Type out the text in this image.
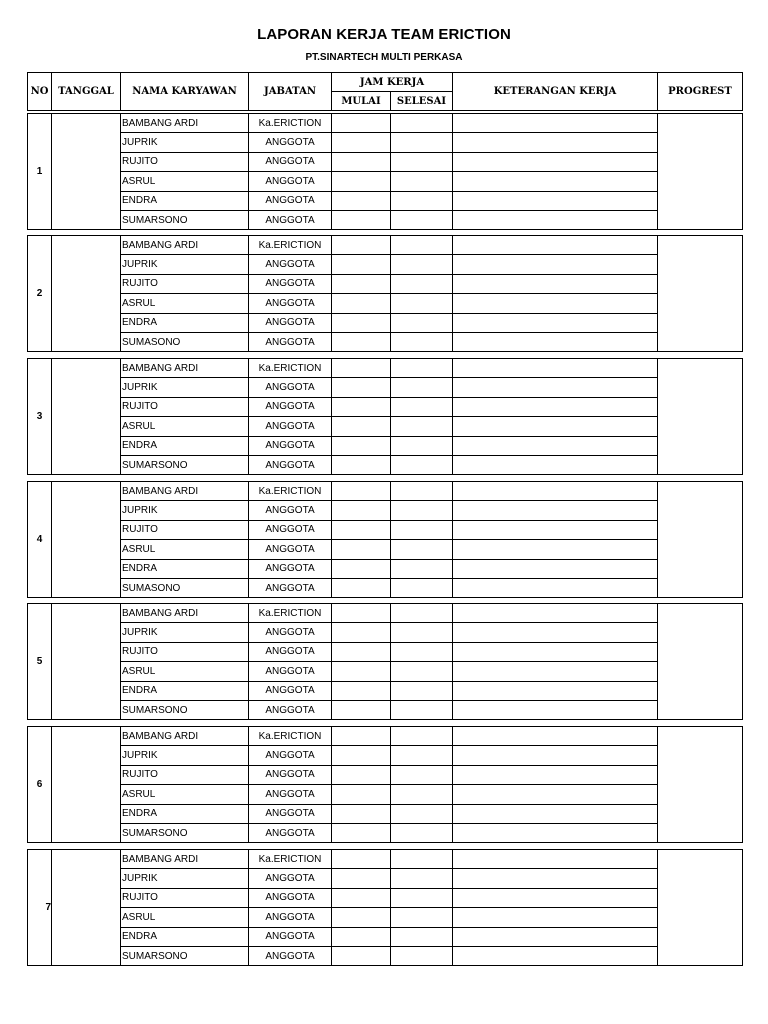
LAPORAN KERJA TEAM ERICTION
PT.SINARTECH MULTI PERKASA
NO	TANGGAL	NAMA KARYAWAN	JABATAN	JAM KERJA		KETERANGAN KERJA	PROGREST
				MULAI	SELESAI		
1		BAMBANG ARDI	Ka.ERICTION				
		JUPRIK	ANGGOTA				
		RUJITO	ANGGOTA				
		ASRUL	ANGGOTA				
		ENDRA	ANGGOTA				
		SUMARSONO	ANGGOTA				
2		BAMBANG ARDI	Ka.ERICTION				
		JUPRIK	ANGGOTA				
		RUJITO	ANGGOTA				
		ASRUL	ANGGOTA				
		ENDRA	ANGGOTA				
		SUMASONO	ANGGOTA				
3		BAMBANG ARDI	Ka.ERICTION				
		JUPRIK	ANGGOTA				
		RUJITO	ANGGOTA				
		ASRUL	ANGGOTA				
		ENDRA	ANGGOTA				
		SUMARSONO	ANGGOTA				
4		BAMBANG ARDI	Ka.ERICTION				
		JUPRIK	ANGGOTA				
		RUJITO	ANGGOTA				
		ASRUL	ANGGOTA				
		ENDRA	ANGGOTA				
		SUMASONO	ANGGOTA				
5		BAMBANG ARDI	Ka.ERICTION				
		JUPRIK	ANGGOTA				
		RUJITO	ANGGOTA				
		ASRUL	ANGGOTA				
		ENDRA	ANGGOTA				
		SUMARSONO	ANGGOTA				
6		BAMBANG ARDI	Ka.ERICTION				
		JUPRIK	ANGGOTA				
		RUJITO	ANGGOTA				
		ASRUL	ANGGOTA				
		ENDRA	ANGGOTA				
		SUMARSONO	ANGGOTA				
7		BAMBANG ARDI	Ka.ERICTION				
		JUPRIK	ANGGOTA				
		RUJITO	ANGGOTA				
		ASRUL	ANGGOTA				
		ENDRA	ANGGOTA				
		SUMARSONO	ANGGOTA				
